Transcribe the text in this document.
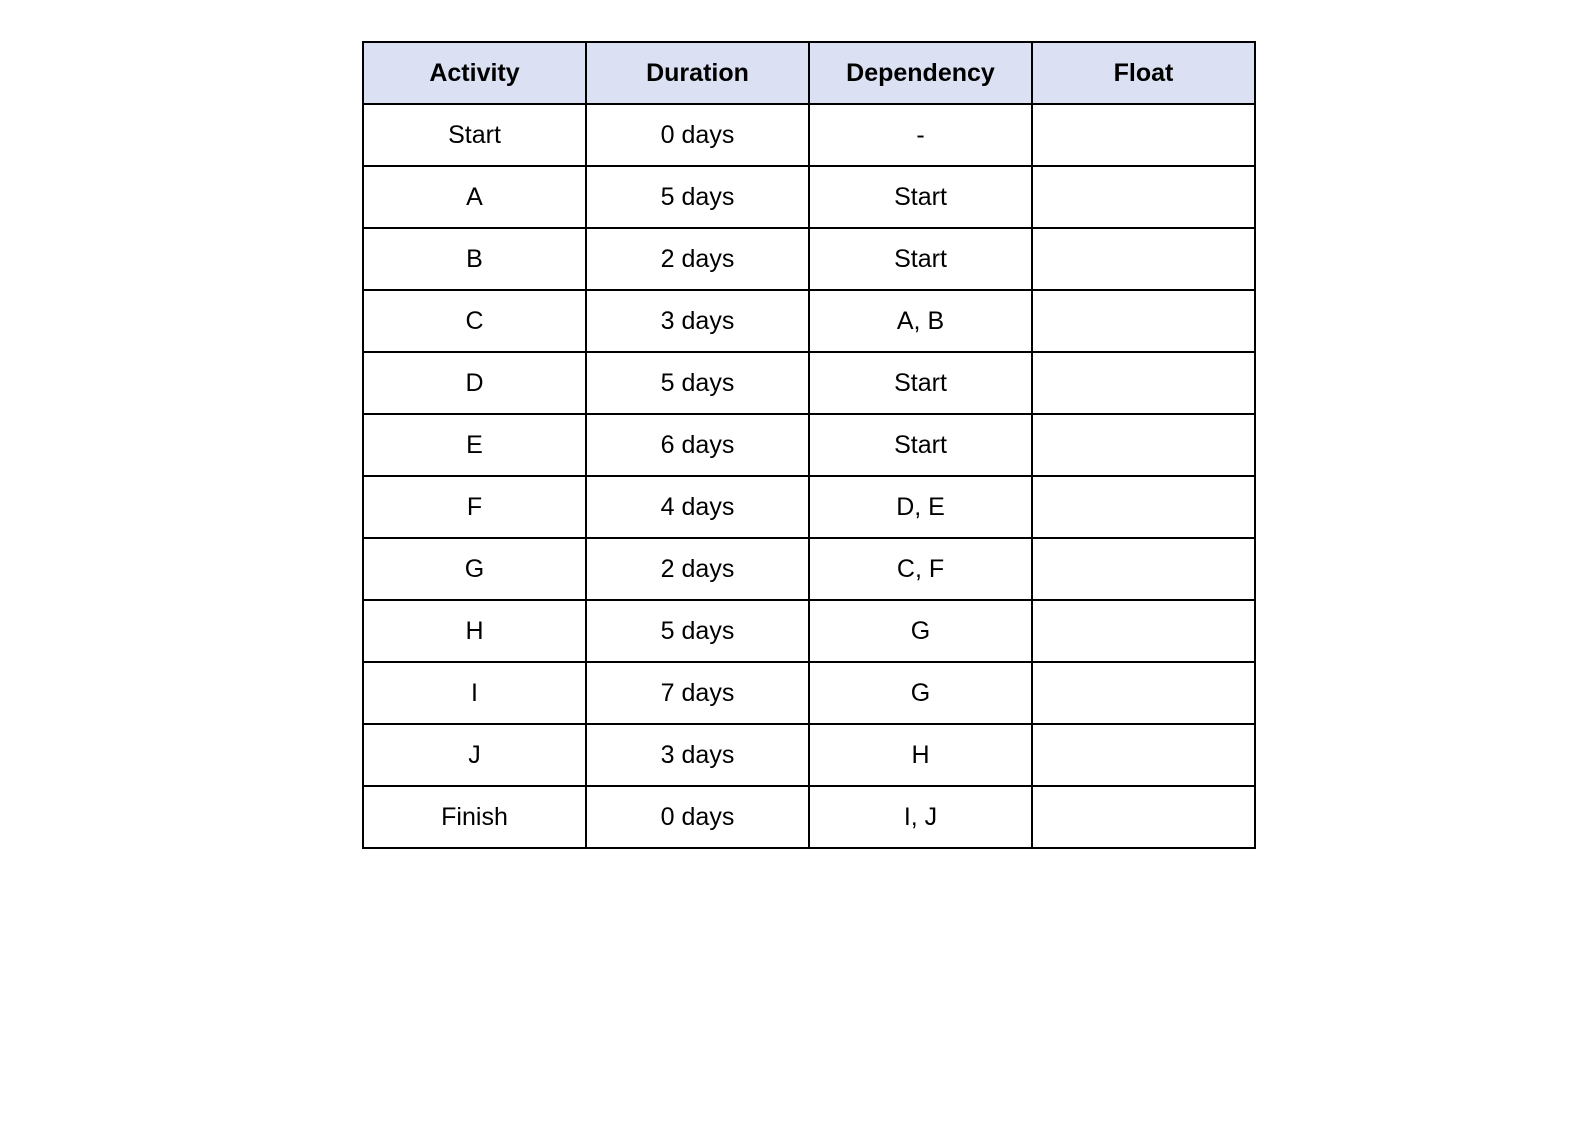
Activity	Duration	Dependency	Float
Start	0 days	-	
A	5 days	Start	
B	2 days	Start	
C	3 days	A, B	
D	5 days	Start	
E	6 days	Start	
F	4 days	D, E	
G	2 days	C, F	
H	5 days	G	
I	7 days	G	
J	3 days	H	
Finish	0 days	I, J	
